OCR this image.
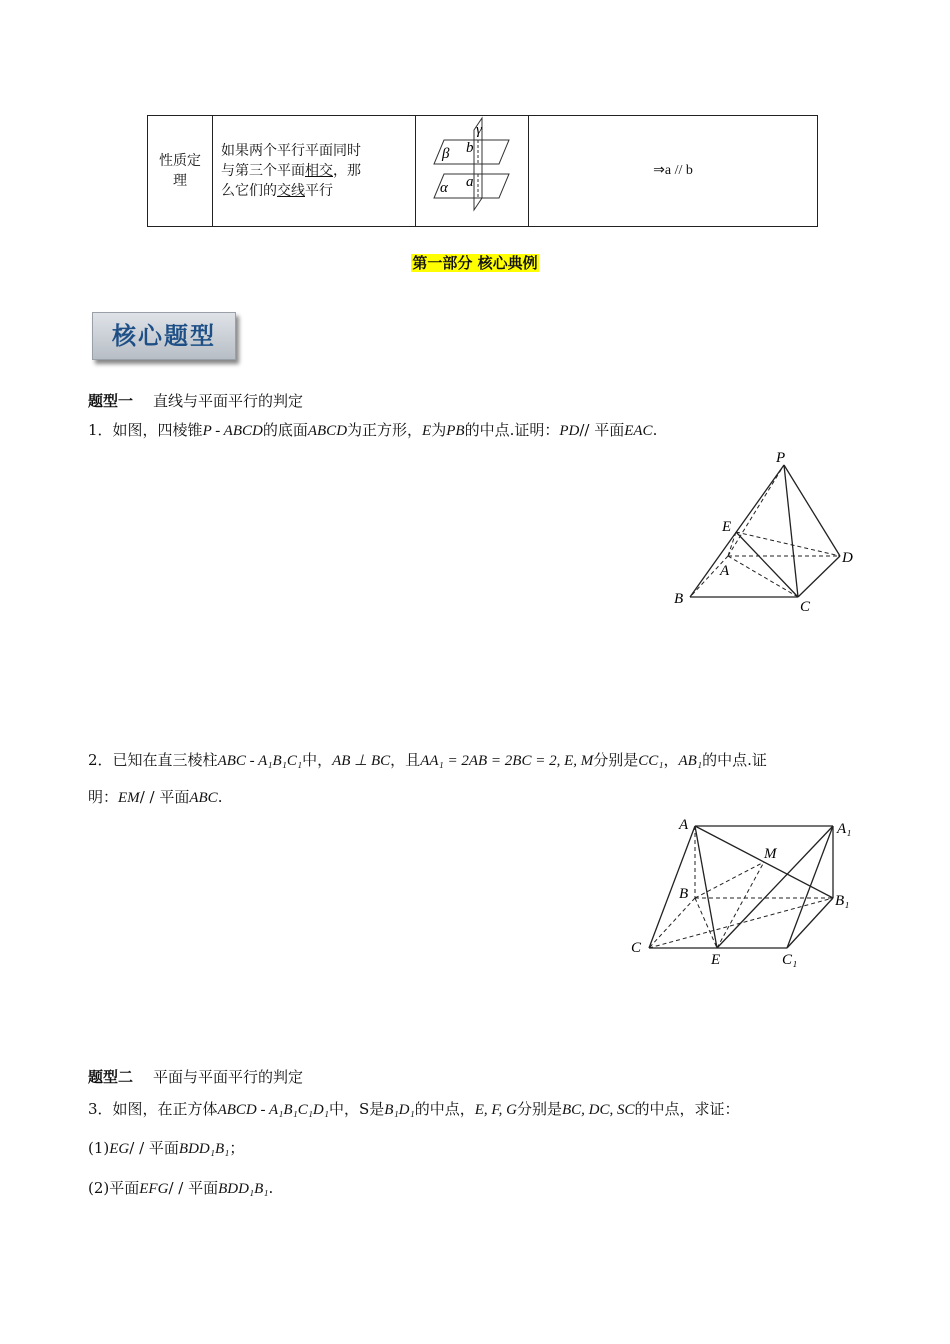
性质定
理

如果两个平行平面同时
与第三个平面相交，那
么它们的交线平行

γ
β b
α a
	⇒a // b
第一部分 核心典例
核心题型
题型一 直线与平面平行的判定
1．如图，四棱锥P - ABCD的底面ABCD为正方形，E为PB的中点.证明：PD// 平面EAC.
P
E
A
D
B	C
2．已知在直三棱柱ABC - A₁B₁C₁中，AB ⊥ BC，且AA₁ = 2AB = 2BC = 2, E, M分别是CC₁，AB₁的中点.证
明：EM/ / 平面ABC.
A	A₁
M
B	B₁
C
E	C₁
题型二 平面与平面平行的判定
3．如图，在正方体ABCD - A₁B₁C₁D₁中，S是B₁D₁的中点，E, F, G分别是BC, DC, SC的中点，求证：
(1)EG/ / 平面BDD₁B₁；
(2)平面EFG/ / 平面BDD₁B₁.
